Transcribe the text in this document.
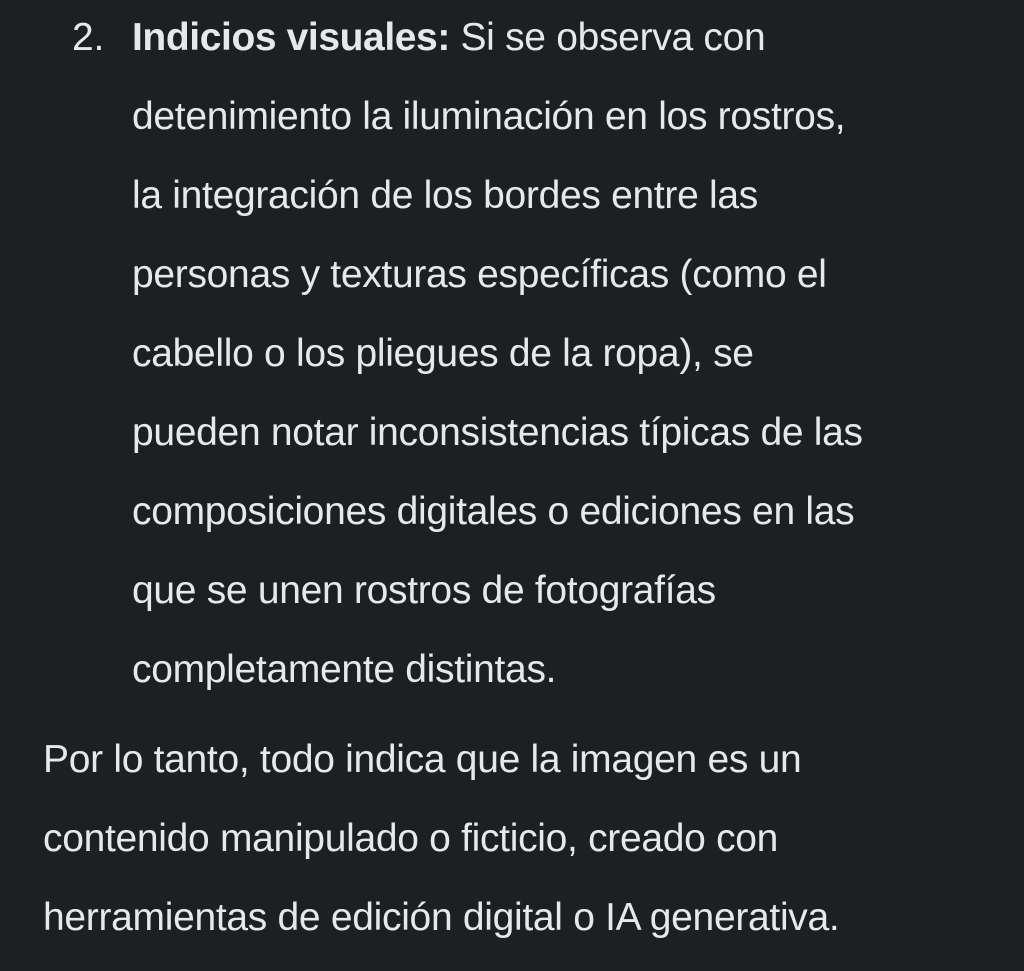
2. Indicios visuales: Si se observa con
detenimiento la iluminación en los rostros,
la integración de los bordes entre las
personas y texturas específicas (como el
cabello o los pliegues de la ropa), se
pueden notar inconsistencias típicas de las
composiciones digitales o ediciones en las
que se unen rostros de fotografías
completamente distintas.
Por lo tanto, todo indica que la imagen es un
contenido manipulado o ficticio, creado con
herramientas de edición digital o IA generativa.
